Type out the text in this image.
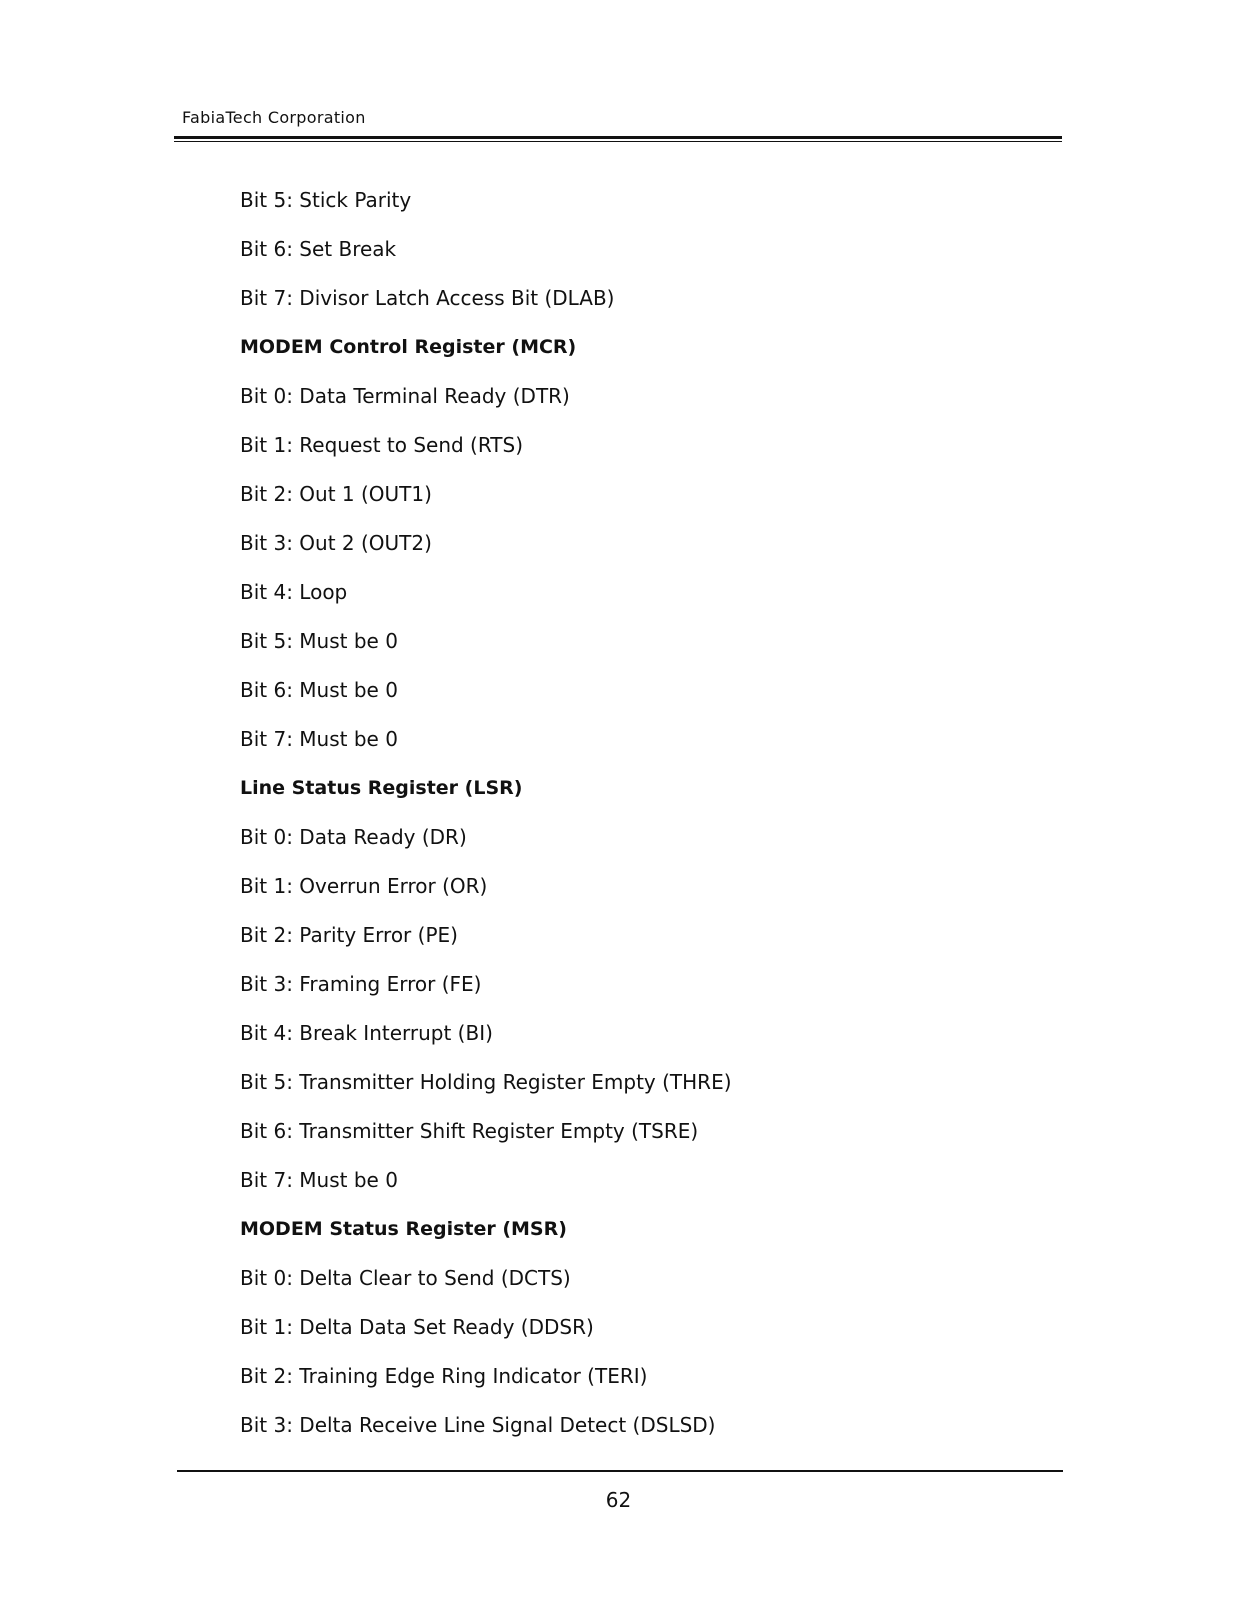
FabiaTech Corporation
Bit 5: Stick Parity
Bit 6: Set Break
Bit 7: Divisor Latch Access Bit (DLAB)
MODEM Control Register (MCR)
Bit 0: Data Terminal Ready (DTR)
Bit 1: Request to Send (RTS)
Bit 2: Out 1 (OUT1)
Bit 3: Out 2 (OUT2)
Bit 4: Loop
Bit 5: Must be 0
Bit 6: Must be 0
Bit 7: Must be 0
Line Status Register (LSR)
Bit 0: Data Ready (DR)
Bit 1: Overrun Error (OR)
Bit 2: Parity Error (PE)
Bit 3: Framing Error (FE)
Bit 4: Break Interrupt (BI)
Bit 5: Transmitter Holding Register Empty (THRE)
Bit 6: Transmitter Shift Register Empty (TSRE)
Bit 7: Must be 0
MODEM Status Register (MSR)
Bit 0: Delta Clear to Send (DCTS)
Bit 1: Delta Data Set Ready (DDSR)
Bit 2: Training Edge Ring Indicator (TERI)
Bit 3: Delta Receive Line Signal Detect (DSLSD)
62
